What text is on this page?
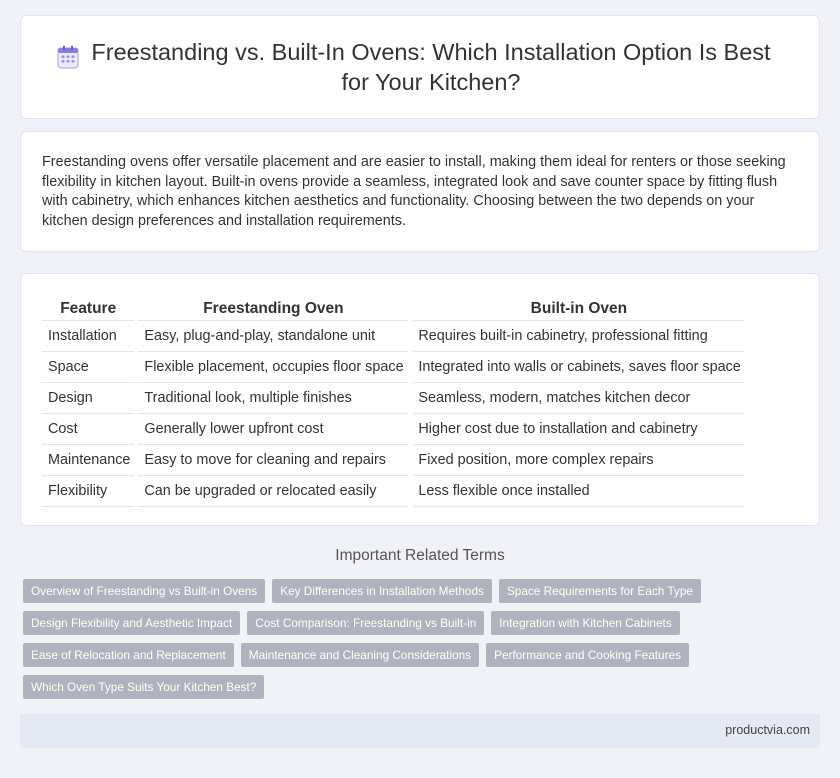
Freestanding vs. Built-In Ovens: Which Installation Option Is Best for Your Kitchen?

Freestanding ovens offer versatile placement and are easier to install, making them ideal for renters or those seeking flexibility in kitchen layout. Built-in ovens provide a seamless, integrated look and save counter space by fitting flush with cabinetry, which enhances kitchen aesthetics and functionality. Choosing between the two depends on your kitchen design preferences and installation requirements.

Feature		Freestanding Oven		Built-in Oven
Installation		Easy, plug-and-play, standalone unit		Requires built-in cabinetry, professional fitting
Space		Flexible placement, occupies floor space		Integrated into walls or cabinets, saves floor space
Design		Traditional look, multiple finishes		Seamless, modern, matches kitchen decor
Cost		Generally lower upfront cost		Higher cost due to installation and cabinetry
Maintenance		Easy to move for cleaning and repairs		Fixed position, more complex repairs
Flexibility		Can be upgraded or relocated easily		Less flexible once installed
Important Related Terms
Overview of Freestanding vs Built-in Ovens	Key Differences in Installation Methods	Space Requirements for Each Type
Design Flexibility and Aesthetic Impact	Cost Comparison: Freestanding vs Built-in	Integration with Kitchen Cabinets
Ease of Relocation and Replacement	Maintenance and Cleaning Considerations	Performance and Cooking Features
Which Oven Type Suits Your Kitchen Best?
productvia.com
